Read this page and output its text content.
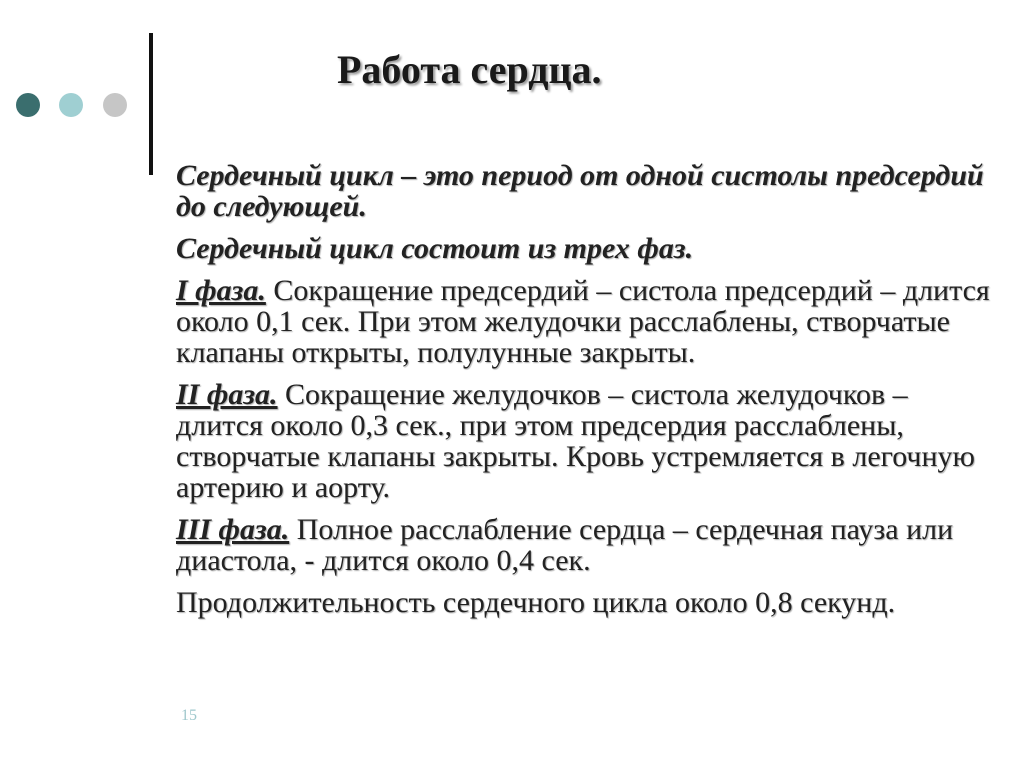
Работа сердца.

Сердечный цикл – это период от одной систолы предсердий до следующей.

Сердечный цикл состоит из трех фаз.

I фаза. Сокращение предсердий – систола предсердий – длится около 0,1 сек. При этом желудочки расслаблены, створчатые клапаны открыты, полулунные закрыты.

II фаза. Сокращение желудочков – систола желудочков – длится около 0,3 сек., при этом предсердия расслаблены, створчатые клапаны закрыты. Кровь устремляется в легочную артерию и аорту.

III фаза. Полное расслабление сердца – сердечная пауза или диастола, - длится около 0,4 сек.

Продолжительность сердечного цикла около 0,8 секунд.

15
